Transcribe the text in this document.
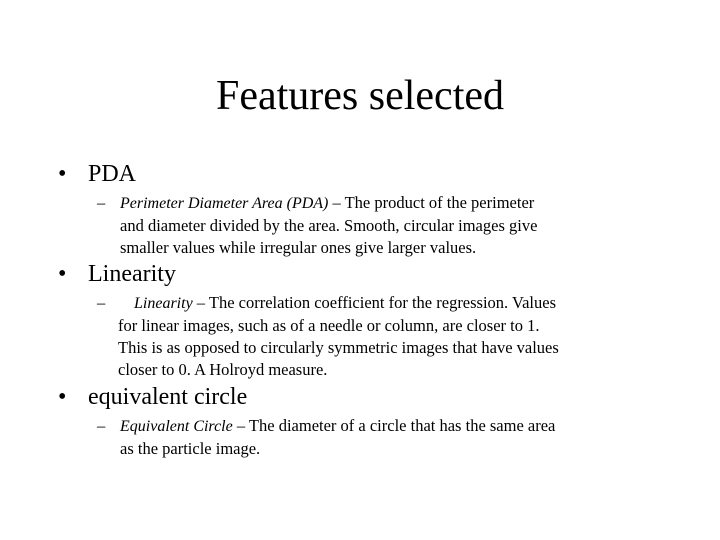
Features selected
• PDA
– Perimeter Diameter Area (PDA) – The product of the perimeter
and diameter divided by the area. Smooth, circular images give
smaller values while irregular ones give larger values.
• Linearity
–	Linearity – The correlation coefficient for the regression. Values
for linear images, such as of a needle or column, are closer to 1.
This is as opposed to circularly symmetric images that have values
closer to 0. A Holroyd measure.
• equivalent circle
– Equivalent Circle – The diameter of a circle that has the same area
as the particle image.
